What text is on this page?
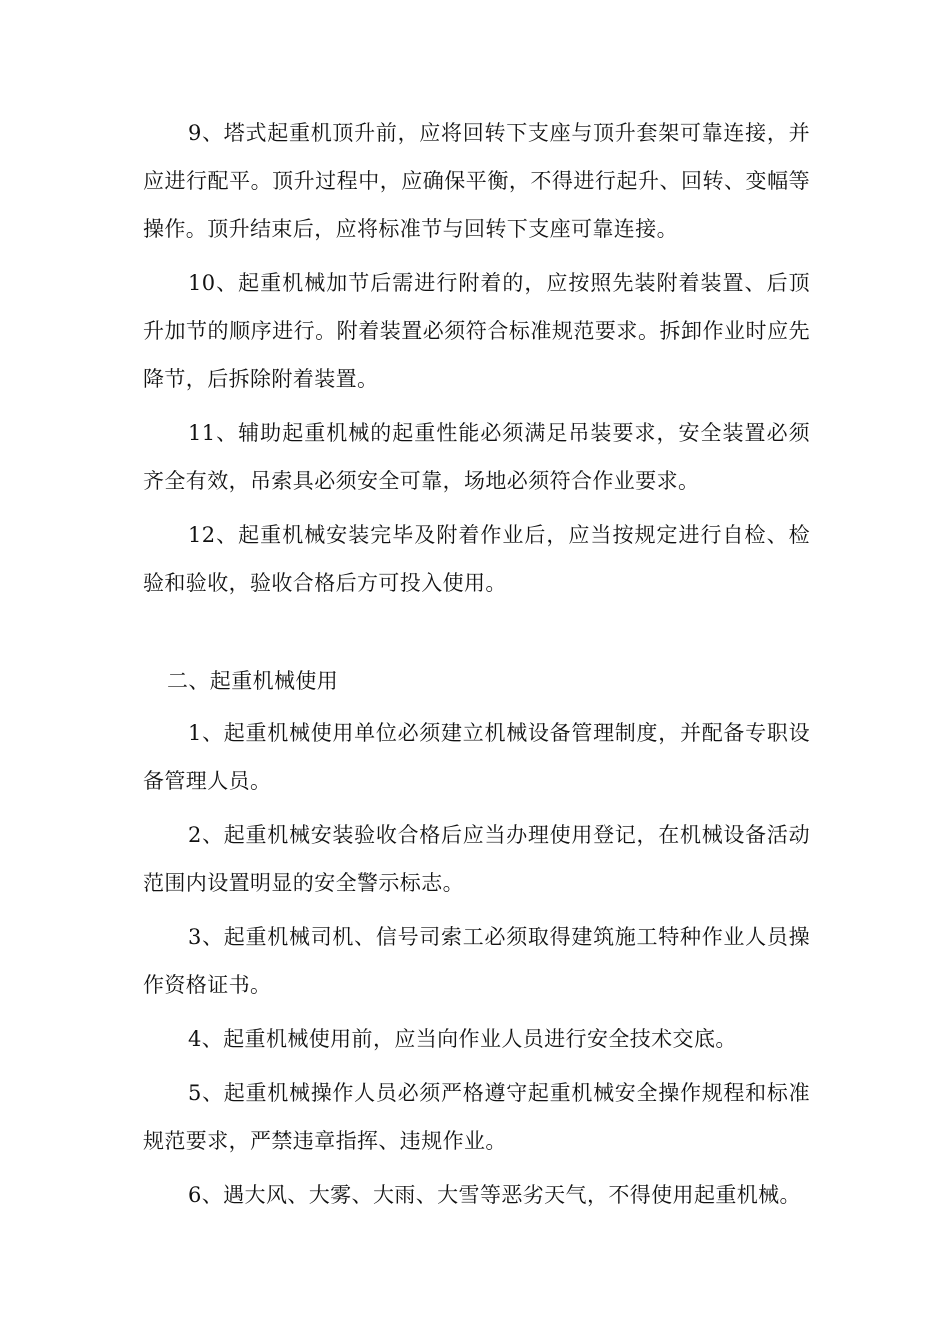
9、塔式起重机顶升前，应将回转下支座与顶升套架可靠连接，并应进行配平。顶升过程中，应确保平衡，不得进行起升、回转、变幅等操作。顶升结束后，应将标准节与回转下支座可靠连接。

10、起重机械加节后需进行附着的，应按照先装附着装置、后顶升加节的顺序进行。附着装置必须符合标准规范要求。拆卸作业时应先降节，后拆除附着装置。

11、辅助起重机械的起重性能必须满足吊装要求，安全装置必须齐全有效，吊索具必须安全可靠，场地必须符合作业要求。

12、起重机械安装完毕及附着作业后，应当按规定进行自检、检验和验收，验收合格后方可投入使用。

二、起重机械使用

1、起重机械使用单位必须建立机械设备管理制度，并配备专职设备管理人员。

2、起重机械安装验收合格后应当办理使用登记，在机械设备活动范围内设置明显的安全警示标志。

3、起重机械司机、信号司索工必须取得建筑施工特种作业人员操作资格证书。

4、起重机械使用前，应当向作业人员进行安全技术交底。

5、起重机械操作人员必须严格遵守起重机械安全操作规程和标准规范要求，严禁违章指挥、违规作业。

6、遇大风、大雾、大雨、大雪等恶劣天气，不得使用起重机械。
